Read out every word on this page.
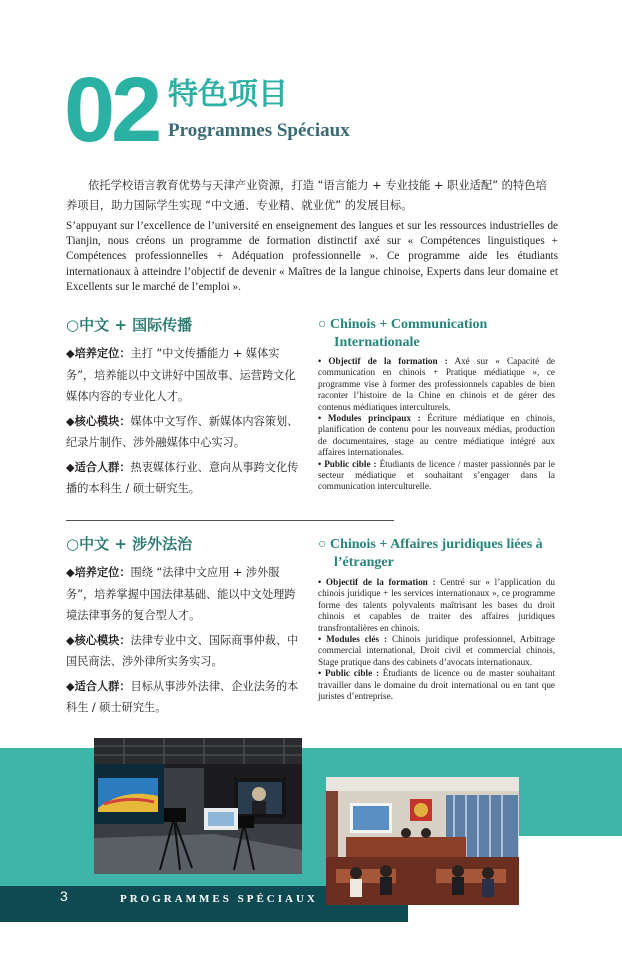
02 特色项目
Programmes Spéciaux
依托学校语言教育优势与天津产业资源，打造 “语言能力 + 专业技能 + 职业适配” 的特色培养项目，助力国际学生实现 “中文通、专业精、就业优” 的发展目标。
S’appuyant sur l’excellence de l’université en enseignement des langues et sur les ressources industrielles de Tianjin, nous créons un programme de formation distinctif axé sur « Compétences linguistiques + Compétences professionnelles + Adéquation professionnelle ». Ce programme aide les étudiants internationaux à atteindre l’objectif de devenir « Maîtres de la langue chinoise, Experts dans leur domaine et Excellents sur le marché de l’emploi ».
○中文 + 国际传播

◆培养定位：主打 “中文传播能力 + 媒体实务”，培养能以中文讲好中国故事、运营跨文化媒体内容的专业化人才。

◆核心模块：媒体中文写作、新媒体内容策划、纪录片制作、涉外融媒体中心实习。

◆适合人群：热衷媒体行业、意向从事跨文化传播的本科生 / 硕士研究生。

○ Chinois + Communication
Internationale

• Objectif de la formation : Axé sur « Capacité de communication en chinois + Pratique médiatique », ce programme vise à former des professionnels capables de bien raconter l’histoire de la Chine en chinois et de gérer des contenus médiatiques interculturels.

• Modules principaux : Écriture médiatique en chinois, planification de contenu pour les nouveaux médias, production de documentaires, stage au centre médiatique intégré aux affaires internationales.

• Public cible : Étudiants de licence / master passionnés par le secteur médiatique et souhaitant s’engager dans la communication interculturelle.

○中文 + 涉外法治

◆培养定位：围绕 “法律中文应用 + 涉外服务”，培养掌握中国法律基础、能以中文处理跨境法律事务的复合型人才。

◆核心模块：法律专业中文、国际商事仲裁、中国民商法、涉外律所实务实习。

◆适合人群：目标从事涉外法律、企业法务的本科生 / 硕士研究生。

○ Chinois + Affaires juridiques liées à
l’étranger

• Objectif de la formation : Centré sur « l’application du chinois juridique + les services internationaux », ce programme forme des talents polyvalents maîtrisant les bases du droit chinois et capables de traiter des affaires juridiques transfrontalières en chinois.

• Modules clés : Chinois juridique professionnel, Arbitrage commercial international, Droit civil et commercial chinois, Stage pratique dans des cabinets d’avocats internationaux.

• Public cible : Étudiants de licence ou de master souhaitant travailler dans le domaine du droit international ou en tant que juristes d’entreprise.

3	PROGRAMMES SPÉCIAUX
